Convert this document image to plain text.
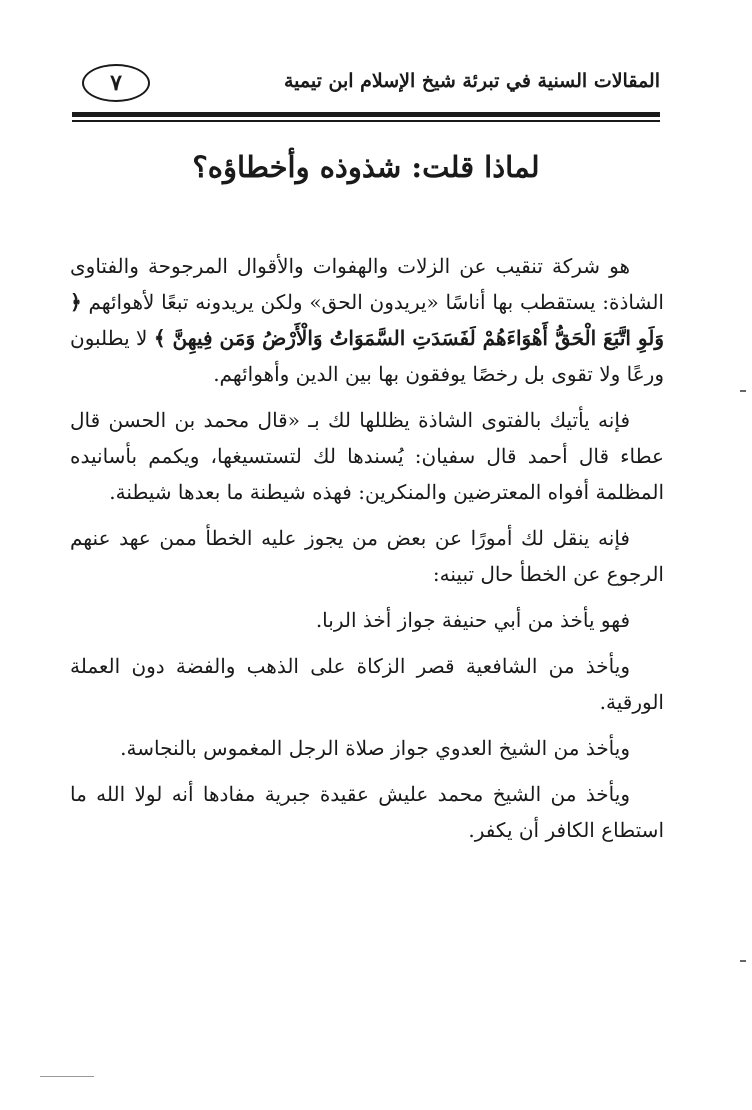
المقالات السنية في تبرئة شيخ الإسلام ابن تيمية
٧
لماذا قلت: شذوذه وأخطاؤه؟

هو شركة تنقيب عن الزلات والهفوات والأقوال المرجوحة والفتاوى الشاذة: يستقطب بها أناسًا «يريدون الحق» ولكن يريدونه تبعًا لأهوائهم ﴿ وَلَوِ اتَّبَعَ الْحَقُّ أَهْوَاءَهُمْ لَفَسَدَتِ السَّمَوَاتُ وَالْأَرْضُ وَمَن فِيهِنَّ ﴾ لا يطلبون ورعًا ولا تقوى بل رخصًا يوفقون بها بين الدين وأهوائهم.

فإنه يأتيك بالفتوى الشاذة يظللها لك بـ «قال محمد بن الحسن قال عطاء قال أحمد قال سفيان: يُسندها لك لتستسيغها، ويكمم بأسانيده المظلمة أفواه المعترضين والمنكرين: فهذه شيطنة ما بعدها شيطنة.

فإنه ينقل لك أمورًا عن بعض من يجوز عليه الخطأ ممن عهد عنهم الرجوع عن الخطأ حال تبينه:

فهو يأخذ من أبي حنيفة جواز أخذ الربا.

ويأخذ من الشافعية قصر الزكاة على الذهب والفضة دون العملة الورقية.

ويأخذ من الشيخ العدوي جواز صلاة الرجل المغموس بالنجاسة.

ويأخذ من الشيخ محمد عليش عقيدة جبرية مفادها أنه لولا الله ما استطاع الكافر أن يكفر.
